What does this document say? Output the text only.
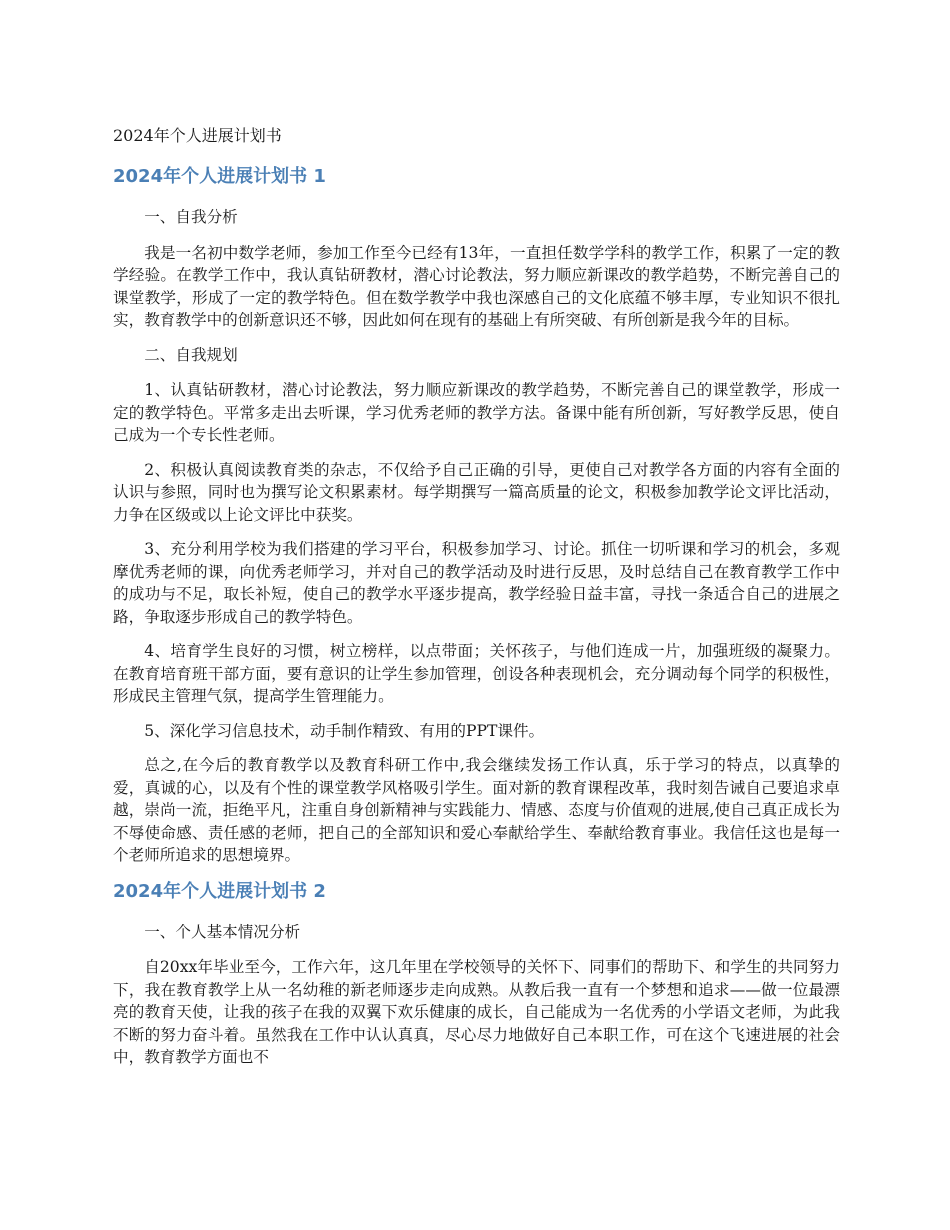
2024年个人进展计划书
2024年个人进展计划书 1

一、自我分析

我是一名初中数学老师，参加工作至今已经有13年，一直担任数学学科的教学工作，积累了一定的教学经验。在教学工作中，我认真钻研教材，潜心讨论教法，努力顺应新课改的教学趋势，不断完善自己的课堂教学，形成了一定的教学特色。但在数学教学中我也深感自己的文化底蕴不够丰厚，专业知识不很扎实，教育教学中的创新意识还不够，因此如何在现有的基础上有所突破、有所创新是我今年的目标。

二、自我规划

1、认真钻研教材，潜心讨论教法，努力顺应新课改的教学趋势，不断完善自己的课堂教学，形成一定的教学特色。平常多走出去听课，学习优秀老师的教学方法。备课中能有所创新，写好教学反思，使自己成为一个专长性老师。

2、积极认真阅读教育类的杂志，不仅给予自己正确的引导，更使自己对教学各方面的内容有全面的认识与参照，同时也为撰写论文积累素材。每学期撰写一篇高质量的论文，积极参加教学论文评比活动，力争在区级或以上论文评比中获奖。

3、充分利用学校为我们搭建的学习平台，积极参加学习、讨论。抓住一切听课和学习的机会，多观摩优秀老师的课，向优秀老师学习，并对自己的教学活动及时进行反思，及时总结自己在教育教学工作中的成功与不足，取长补短，使自己的教学水平逐步提高，教学经验日益丰富，寻找一条适合自己的进展之路，争取逐步形成自己的教学特色。

4、培育学生良好的习惯，树立榜样，以点带面；关怀孩子，与他们连成一片，加强班级的凝聚力。在教育培育班干部方面，要有意识的让学生参加管理，创设各种表现机会，充分调动每个同学的积极性，形成民主管理气氛，提高学生管理能力。

5、深化学习信息技术，动手制作精致、有用的PPT课件。

总之,在今后的教育教学以及教育科研工作中,我会继续发扬工作认真，乐于学习的特点，以真挚的爱，真诚的心，以及有个性的课堂教学风格吸引学生。面对新的教育课程改革，我时刻告诫自己要追求卓越，崇尚一流，拒绝平凡，注重自身创新精神与实践能力、情感、态度与价值观的进展,使自己真正成长为不辱使命感、责任感的老师，把自己的全部知识和爱心奉献给学生、奉献给教育事业。我信任这也是每一个老师所追求的思想境界。

2024年个人进展计划书 2

一、个人基本情况分析

自20xx年毕业至今，工作六年，这几年里在学校领导的关怀下、同事们的帮助下、和学生的共同努力下，我在教育教学上从一名幼稚的新老师逐步走向成熟。从教后我一直有一个梦想和追求——做一位最漂亮的教育天使，让我的孩子在我的双翼下欢乐健康的成长，自己能成为一名优秀的小学语文老师，为此我不断的努力奋斗着。虽然我在工作中认认真真，尽心尽力地做好自己本职工作，可在这个飞速进展的社会中，教育教学方面也不
